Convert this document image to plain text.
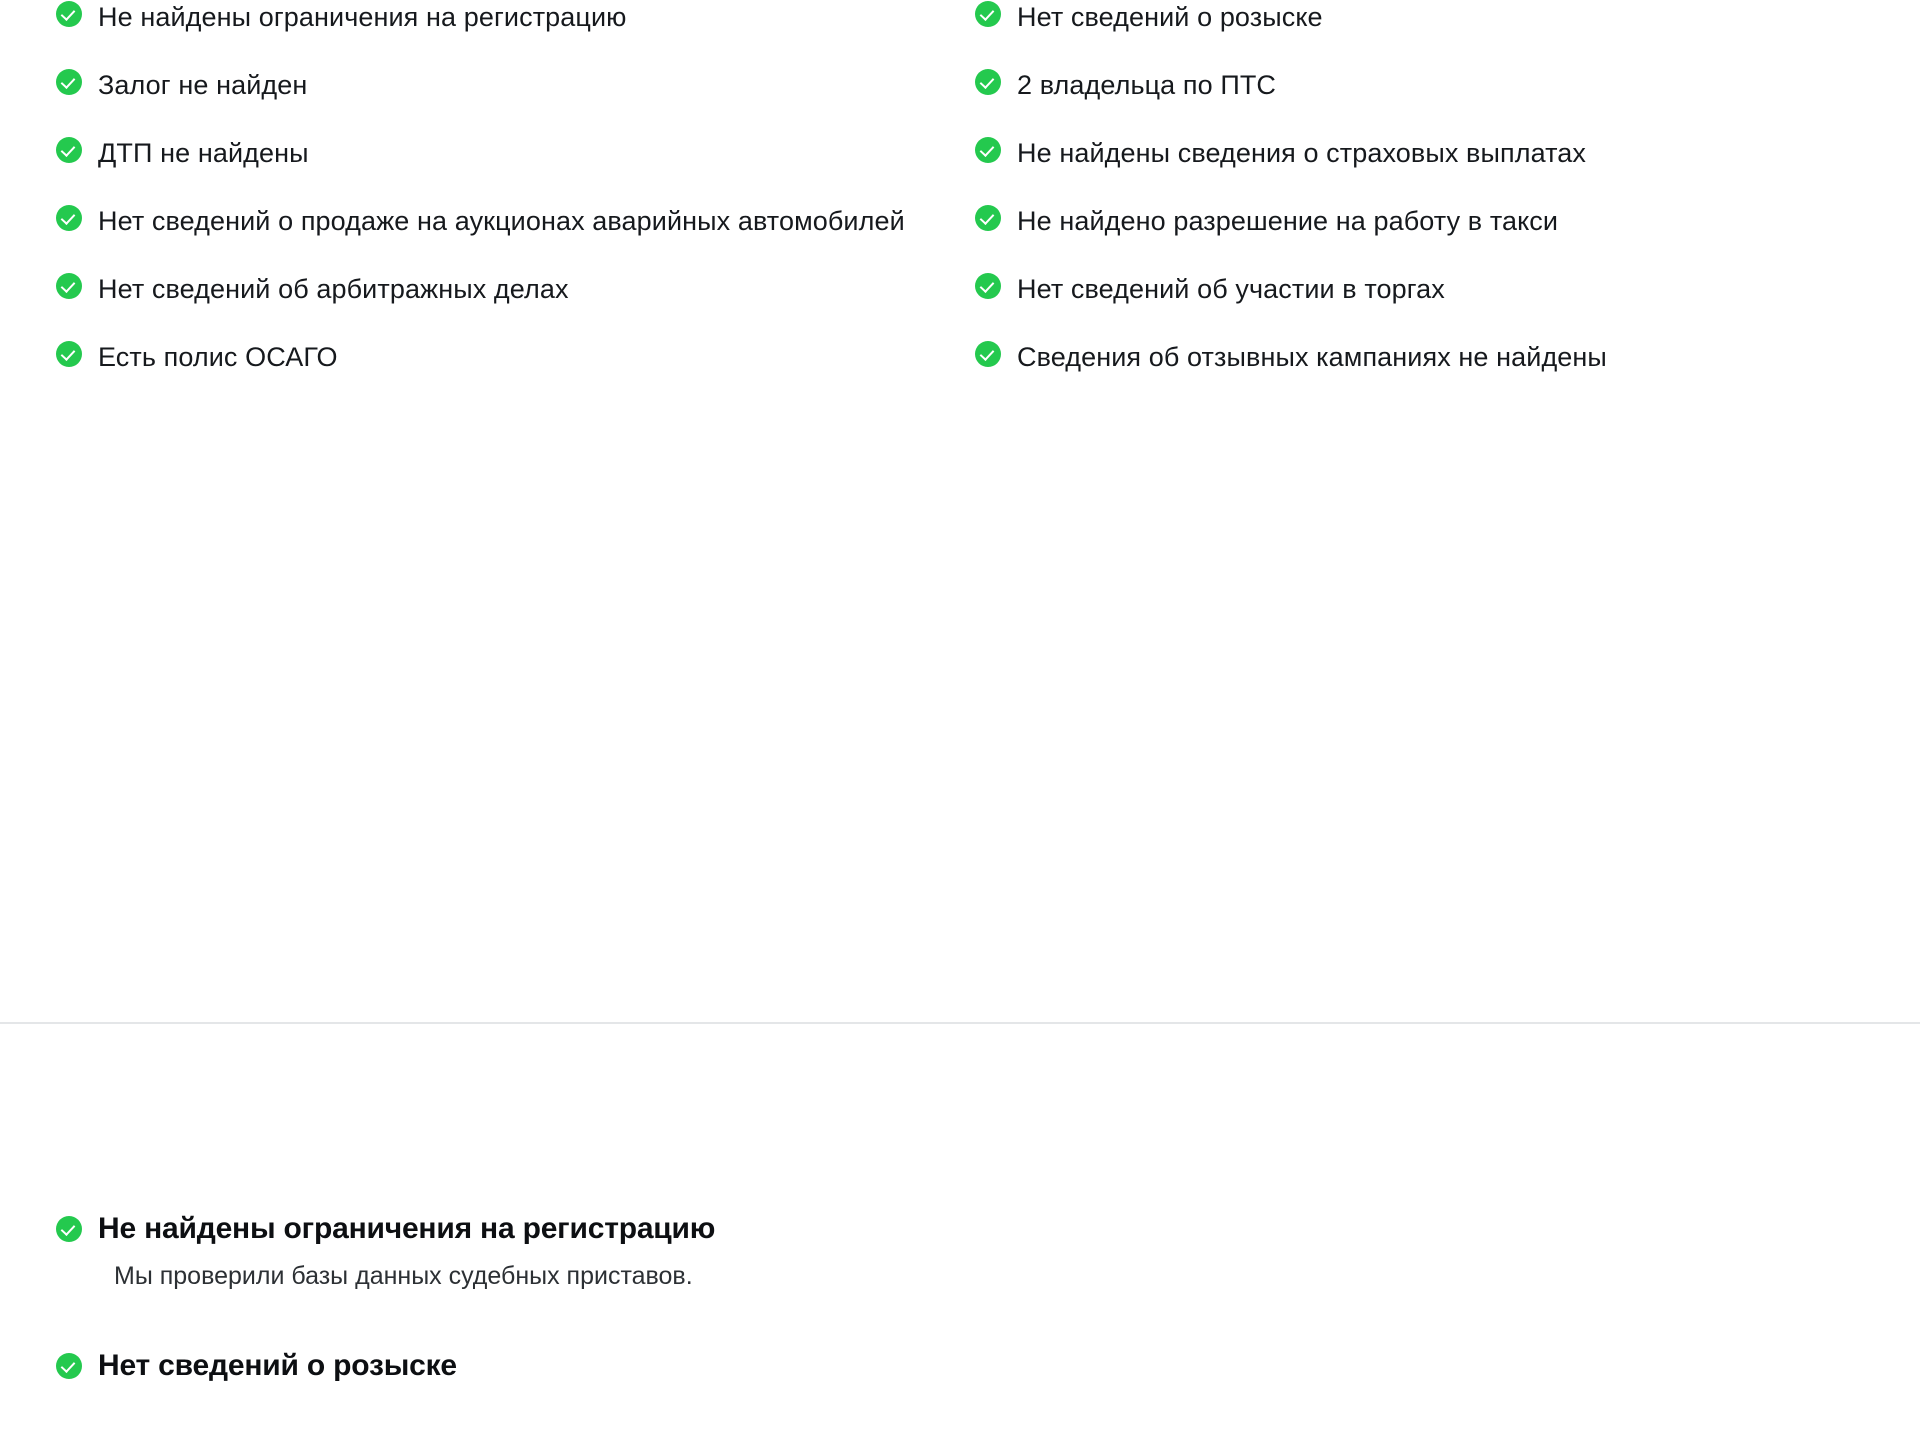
Не найдены ограничения на регистрацию
Залог не найден
ДТП не найдены
Нет сведений о продаже на аукционах аварийных автомобилей
Нет сведений об арбитражных делах
Есть полис ОСАГО
Нет сведений о розыске
2 владельца по ПТС
Не найдены сведения о страховых выплатах
Не найдено разрешение на работу в такси
Нет сведений об участии в торгах
Сведения об отзывных кампаниях не найдены
Не найдены ограничения на регистрацию
Мы проверили базы данных судебных приставов.
Нет сведений о розыске
